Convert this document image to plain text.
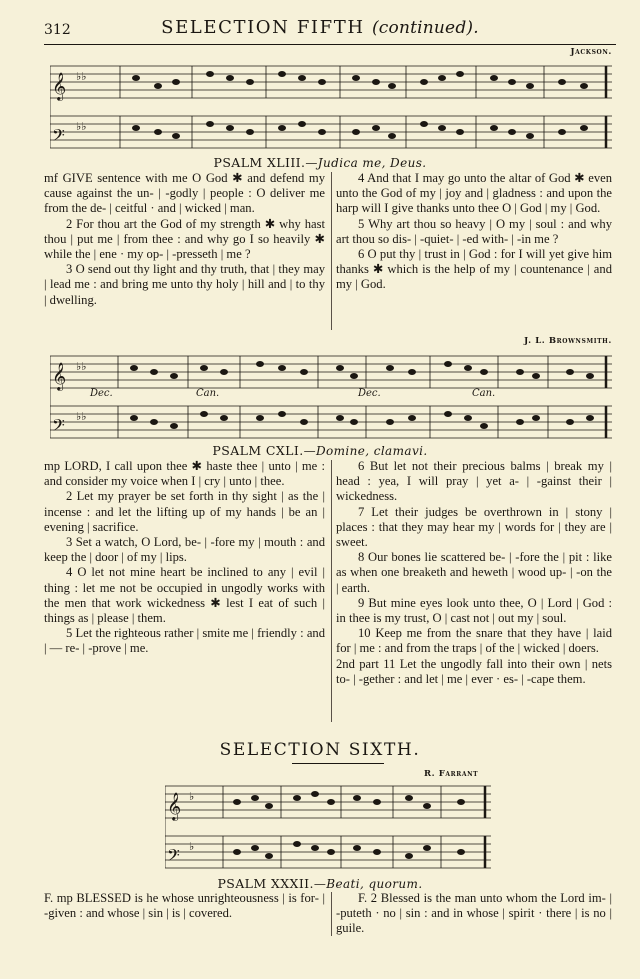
312	SELECTION FIFTH (continued).
Jackson.
𝄞
𝄢
♭♭
♭♭
PSALM XLIII.—Judica me, Deus.

mf GIVE sentence with me O God ✱ and defend my cause against the un- | -godly | people : O deliver me from the de- | ceitful · and | wicked | man.

2 For thou art the God of my strength ✱ why hast thou | put me | from thee : and why go I so heavily ✱ while the | ene · my op- | -presseth | me ?

3 O send out thy light and thy truth, that | they may | lead me : and bring me unto thy holy | hill and | to thy | dwelling.

4 And that I may go unto the altar of God ✱ even unto the God of my | joy and | gladness : and upon the harp will I give thanks unto thee O | God | my | God.

5 Why art thou so heavy | O my | soul : and why art thou so dis- | -quiet- | -ed with- | -in me ?

6 O put thy | trust in | God : for I will yet give him thanks ✱ which is the help of my | countenance | and my | God.

J. L. Brownsmith.
𝄞
𝄢
♭♭
♭♭
Dec.	Can.	Dec.	Can.
PSALM CXLI.—Domine, clamavi.

mp LORD, I call upon thee ✱ haste thee | unto | me : and consider my voice when I | cry | unto | thee.

2 Let my prayer be set forth in thy sight | as the | incense : and let the lifting up of my hands | be an | evening | sacrifice.

3 Set a watch, O Lord, be- | -fore my | mouth : and keep the | door | of my | lips.

4 O let not mine heart be inclined to any | evil | thing : let me not be occupied in ungodly works with the men that work wickedness ✱ lest I eat of such | things as | please | them.

5 Let the righteous rather | smite me | friendly : and | — re- | -prove | me.

6 But let not their precious balms | break my | head : yea, I will pray | yet a- | -gainst their | wickedness.

7 Let their judges be overthrown in | stony | places : that they may hear my | words for | they are | sweet.

8 Our bones lie scattered be- | -fore the | pit : like as when one breaketh and heweth | wood up- | -on the | earth.

9 But mine eyes look unto thee, O | Lord | God : in thee is my trust, O | cast not | out my | soul.

10 Keep me from the snare that they have | laid for | me : and from the traps | of the | wicked | doers.

2nd part 11 Let the ungodly fall into their own | nets to- | -gether : and let | me | ever · es- | -cape them.

SELECTION SIXTH.
R. Farrant
𝄞
𝄢
♭
♭
PSALM XXXII.—Beati, quorum.

F. mp BLESSED is he whose unrighteousness | is for- | -given : and whose | sin | is | covered.

F. 2 Blessed is the man unto whom the Lord im- | -puteth · no | sin : and in whose | spirit · there | is no | guile.
